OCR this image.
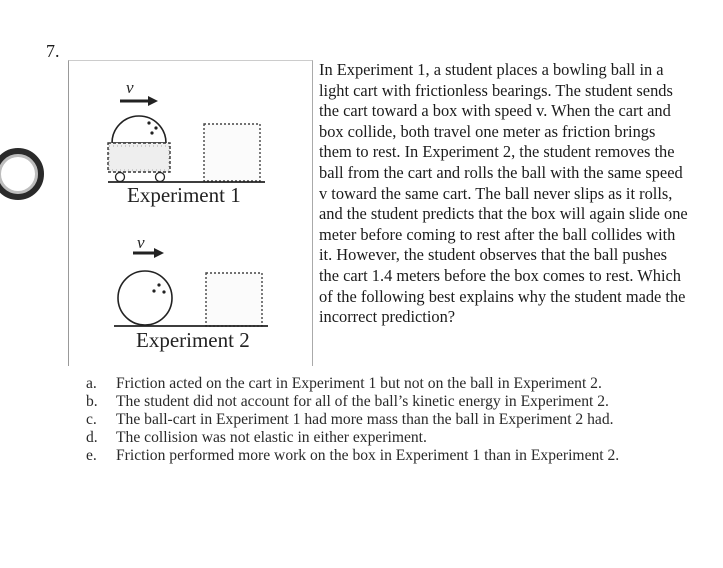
7.
v
v
Experiment 1
Experiment 2

In Experiment 1, a student places a bowling ball in a light cart with frictionless bearings. The student sends the cart toward a box with speed v. When the cart and box collide, both travel one meter as friction brings them to rest. In Experiment 2, the student removes the ball from the cart and rolls the ball with the same speed v toward the same cart. The ball never slips as it rolls, and the student predicts that the box will again slide one meter before coming to rest after the ball collides with it. However, the student observes that the ball pushes the cart 1.4 meters before the box comes to rest. Which of the following best explains why the student made the incorrect prediction?

a.	Friction acted on the cart in Experiment 1 but not on the ball in Experiment 2.
b.	The student did not account for all of the ball’s kinetic energy in Experiment 2.
c.	The ball-cart in Experiment 1 had more mass than the ball in Experiment 2 had.
d.	The collision was not elastic in either experiment.
e.	Friction performed more work on the box in Experiment 1 than in Experiment 2.
